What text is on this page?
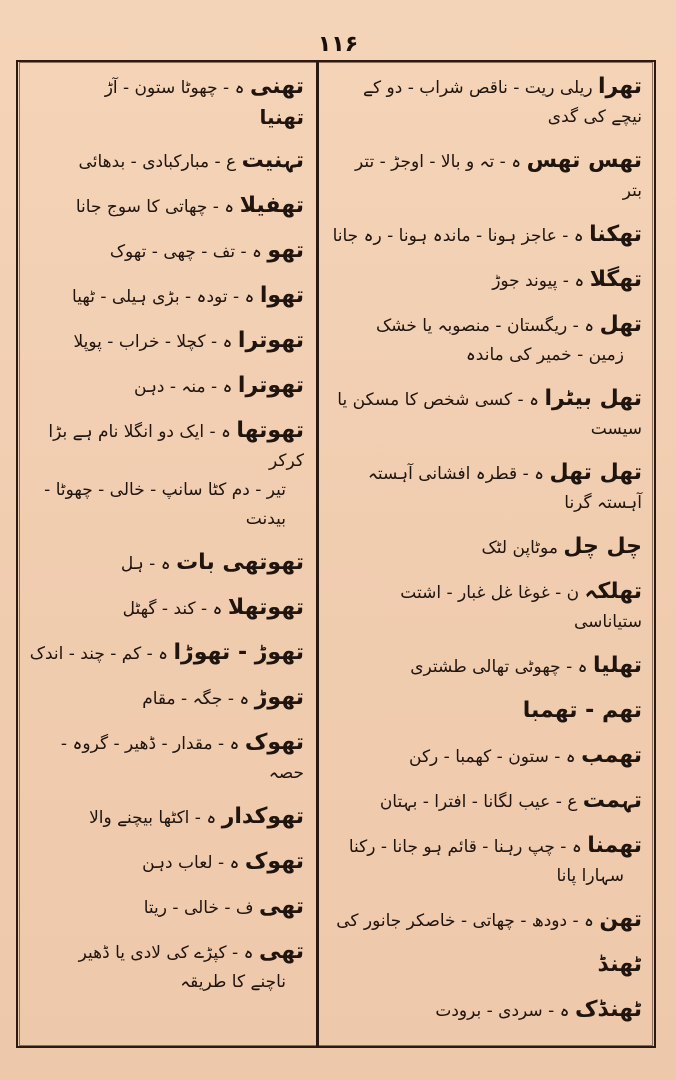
۱۱۶
تھرا ریلی ریت - ناقص شراب - دو کے نیچے کی گدی
تھس تھس ہ - تہ و بالا - اوجڑ - تتر بتر
تھکنا ہ - عاجز ہونا - ماندہ ہونا - رہ جانا
تھگلا ہ - پیوند جوڑ
تھل ہ - ریگستان - منصوبہ یا خشک
زمین - خمیر کی ماندہ
تھل بیٹرا ہ - کسی شخص کا مسکن یا سیست
تھل تھل ہ - قطرہ افشانی آہستہ آہستہ گرنا
چل چل موٹاپن لٹک
تھلکہ ن - غوغا غل غبار - اشتت ستیاناسی
تھلیا ہ - چھوٹی تھالی طشتری
تھم - تھمبا
تھمب ہ - ستون - کھمبا - رکن
تہمت ع - عیب لگانا - افترا - بہتان
تھمنا ہ - چپ رہنا - قائم ہو جانا - رکنا
سہارا پانا
تھن ہ - دودھ - چھاتی - خاصکر جانور کی
ٹھنڈ
ٹھنڈک ہ - سردی - برودت
تھنی ہ - چھوٹا ستون - آڑ
تھنیا
تہنیت ع - مبارکبادی - بدھائی
تھفیلا ہ - چھاتی کا سوج جانا
تھو ہ - تف - چھی - تھوک
تھوا ہ - تودہ - بڑی ہیلی - ٹھیا
تھوترا ہ - کچلا - خراب - پوپلا
تھوترا ہ - منہ - دہن
تھوتھا ہ - ایک دو انگلا نام ہے بڑا کرکر
تیر - دم کٹا سانپ - خالی - چھوٹا - بیدنت
تھوتھی بات ہ - ہل
تھوتھلا ہ - کند - گھٹل
تھوڑ - تھوڑا ہ - کم - چند - اندک
تھوڑ ہ - جگہ - مقام
تھوک ہ - مقدار - ڈھیر - گروہ - حصہ
تھوکدار ہ - اکٹھا بیچنے والا
تھوک ہ - لعاب دہن
تھی ف - خالی - ریتا
تھی ہ - کپڑے کی لادی یا ڈھیر
ناچنے کا طریقہ
